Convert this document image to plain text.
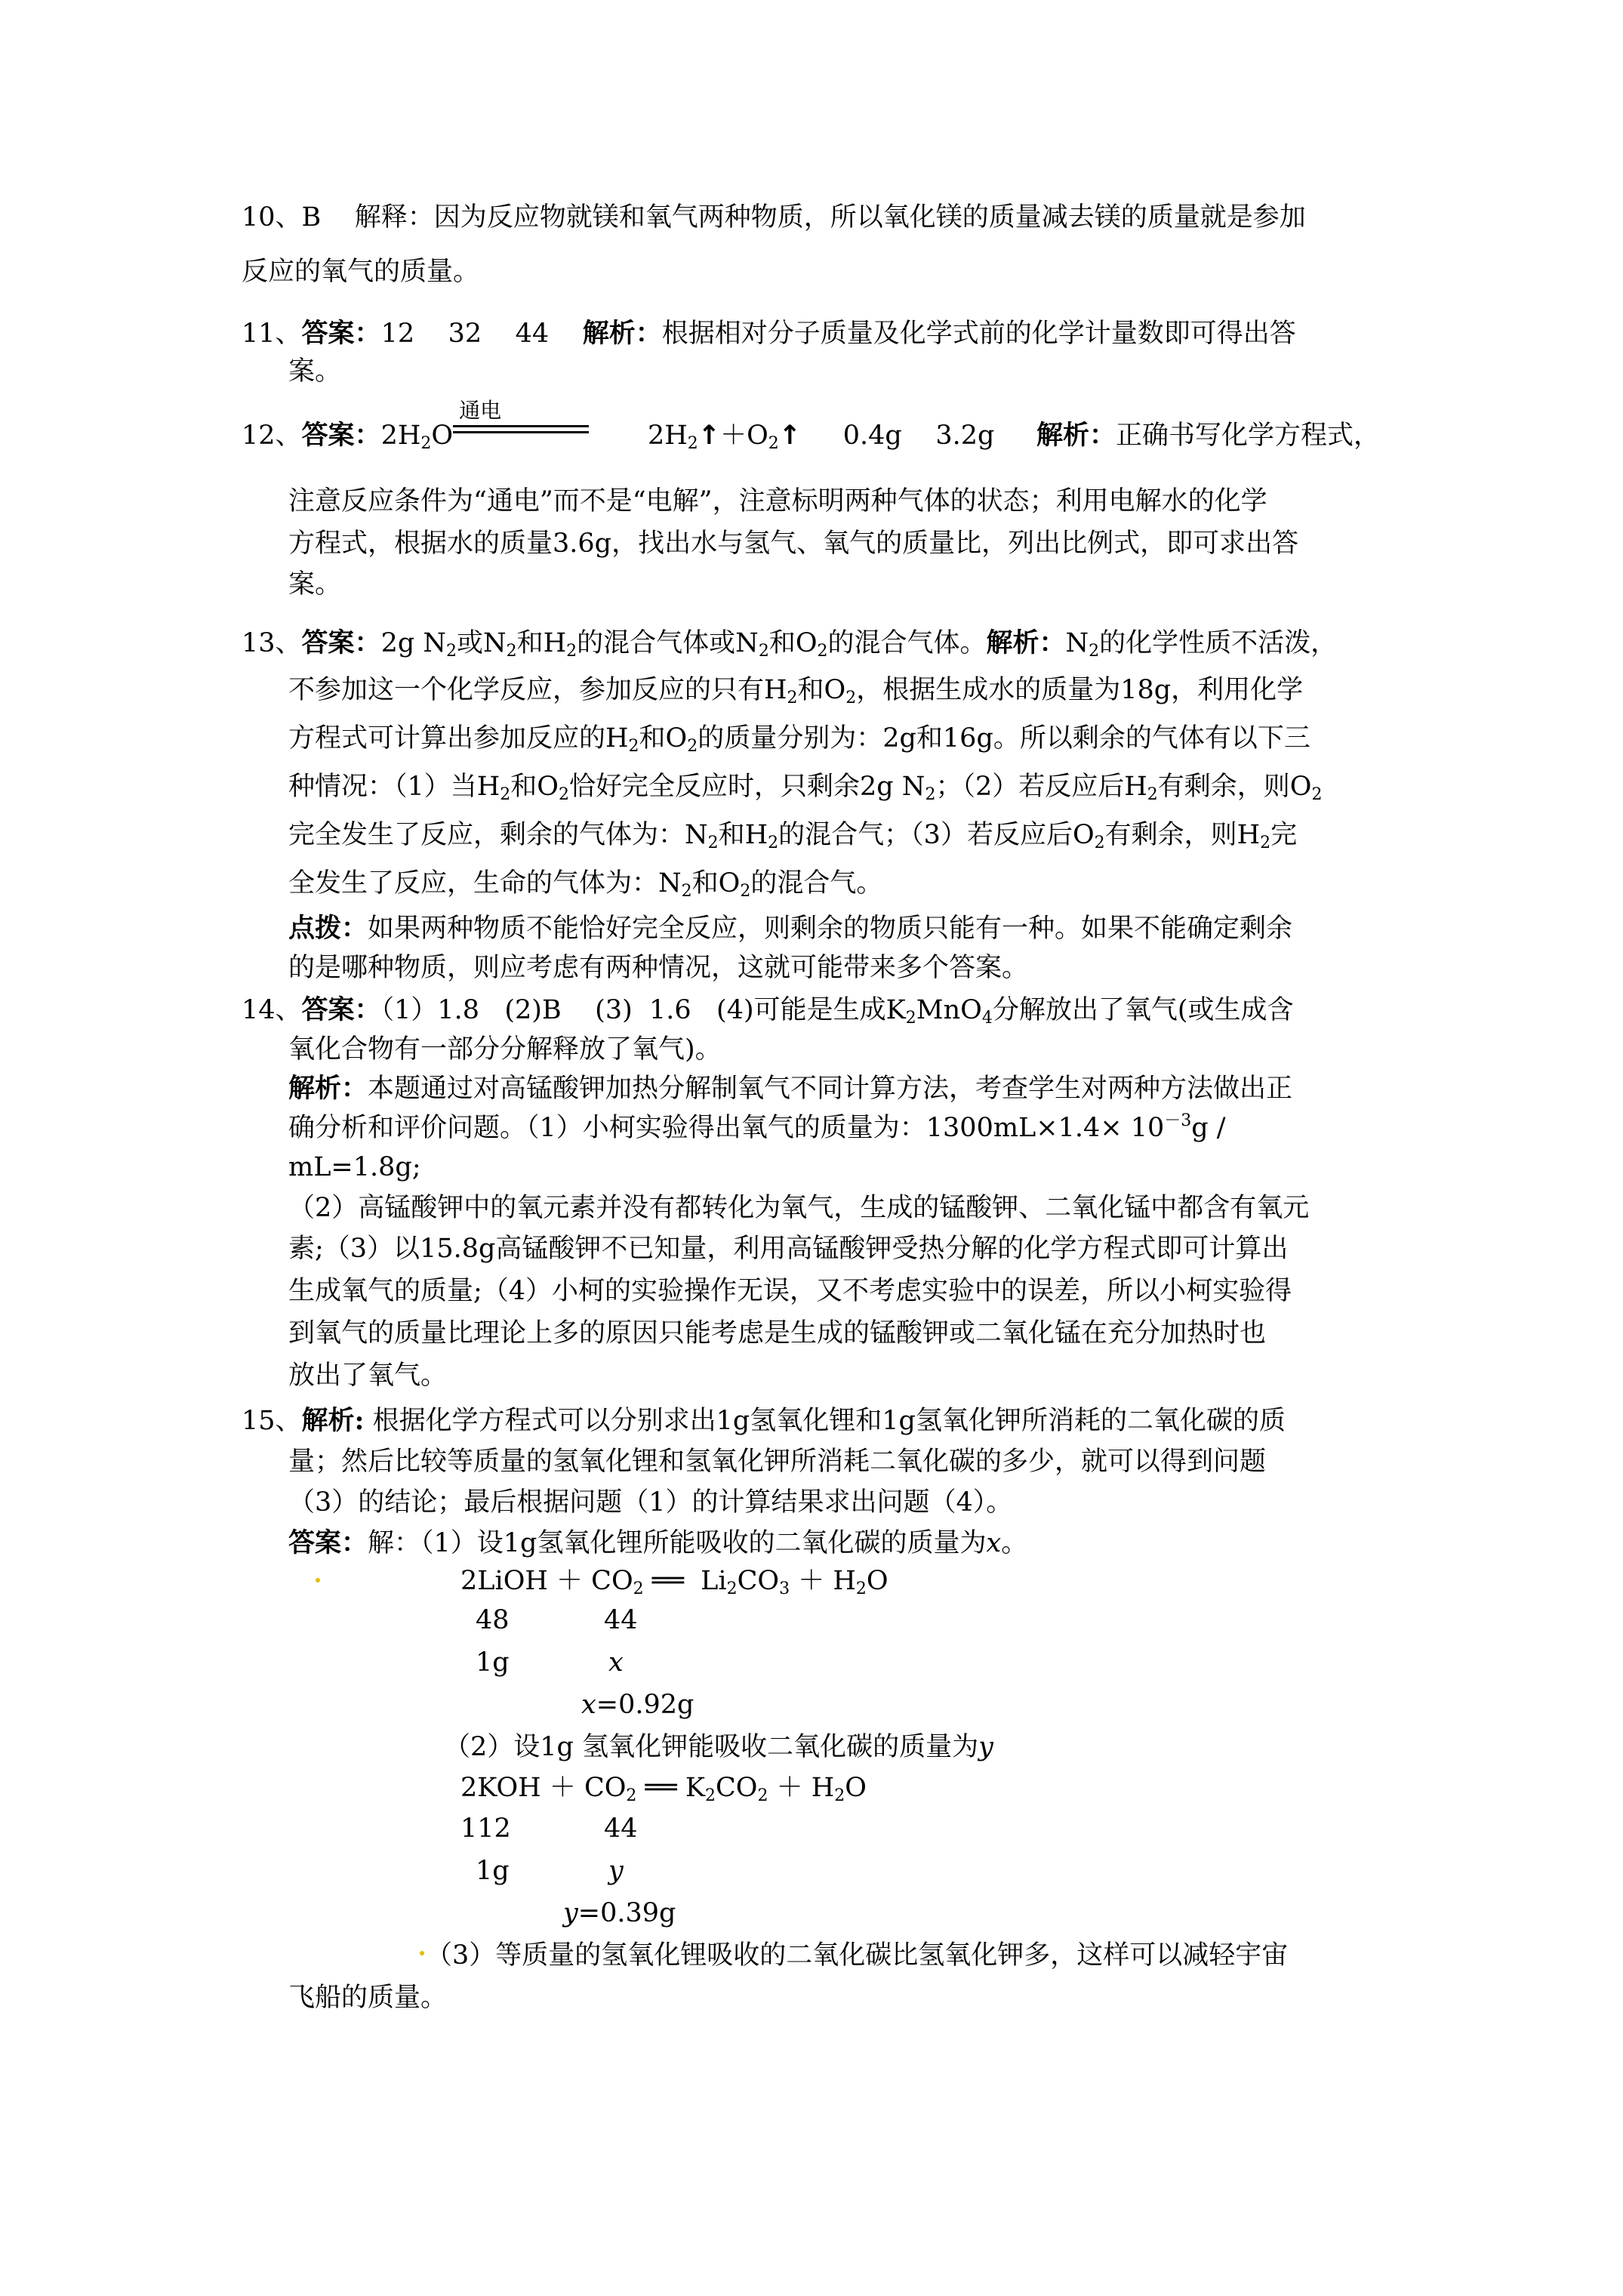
10、B 解释：因为反应物就镁和氧气两种物质，所以氧化镁的质量减去镁的质量就是参加
反应的氧气的质量。
11、答案：12    32    44 解析：根据相对分子质量及化学式前的化学计量数即可得出答
案。
12、答案：$2H_2O$
通电
$2H_2↑+O_2↑$ 0.4g    3.2g 解析：正确书写化学方程式，
注意反应条件为“通电”而不是“电解”，注意标明两种气体的状态；利用电解水的化学
方程式，根据水的质量3.6g，找出水与氢气、氧气的质量比，列出比例式，即可求出答
案。
13、答案：2g $N_2$或$N_2$和$H_2$的混合气体或$N_2$和$O_2$的混合气体。解析：$N_2$的化学性质不活泼，
不参加这一个化学反应，参加反应的只有$H_2$和$O_2$，根据生成水的质量为18g，利用化学
方程式可计算出参加反应的$H_2$和$O_2$的质量分别为：2g和16g。所以剩余的气体有以下三
种情况：（1）当$H_2$和$O_2$恰好完全反应时，只剩余2g $N_2$；（2）若反应后$H_2$有剩余，则$O_2$
完全发生了反应，剩余的气体为：$N_2$和$H_2$的混合气；（3）若反应后$O_2$有剩余，则$H_2$完
全发生了反应，生命的气体为：$N_2$和$O_2$的混合气。
点拨：如果两种物质不能恰好完全反应，则剩余的物质只能有一种。如果不能确定剩余
的是哪种物质，则应考虑有两种情况，这就可能带来多个答案。
14、答案：（1）1.8   (2)B    (3)  1.6   (4)可能是生成$K_2MnO_4$分解放出了氧气(或生成含
氧化合物有一部分分解释放了氧气)。
解析：本题通过对高锰酸钾加热分解制氧气不同计算方法，考查学生对两种方法做出正
确分析和评价问题。（1）小柯实验得出氧气的质量为：$1300mL\times 1.4\times 10^{-3}g$ /
mL=1.8g;
（2）高锰酸钾中的氧元素并没有都转化为氧气，生成的锰酸钾、二氧化锰中都含有氧元
素;（3）以15.8g高锰酸钾不已知量，利用高锰酸钾受热分解的化学方程式即可计算出
生成氧气的质量;（4）小柯的实验操作无误，又不考虑实验中的误差，所以小柯实验得
到氧气的质量比理论上多的原因只能考虑是生成的锰酸钾或二氧化锰在充分加热时也
放出了氧气。
15、解析: 根据化学方程式可以分别求出1g氢氧化锂和1g氢氧化钾所消耗的二氧化碳的质
量；然后比较等质量的氢氧化锂和氢氧化钾所消耗二氧化碳的多少，就可以得到问题
（3）的结论；最后根据问题（1）的计算结果求出问题（4）。
答案：解：（1）设1g氢氧化锂所能吸收的二氧化碳的质量为x。
2LiOH ＋ $CO_2$ ══  $Li_2CO_3 + H_2O$
48	44
1g	x
x=0.92g
（2）设1g 氢氧化钾能吸收二氧化碳的质量为y
$2KOH + CO_2$ ══ $K_2CO_2 + H_2O$
112	44
1g	y
y=0.39g
（3）等质量的氢氧化锂吸收的二氧化碳比氢氧化钾多，这样可以减轻宇宙
飞船的质量。
